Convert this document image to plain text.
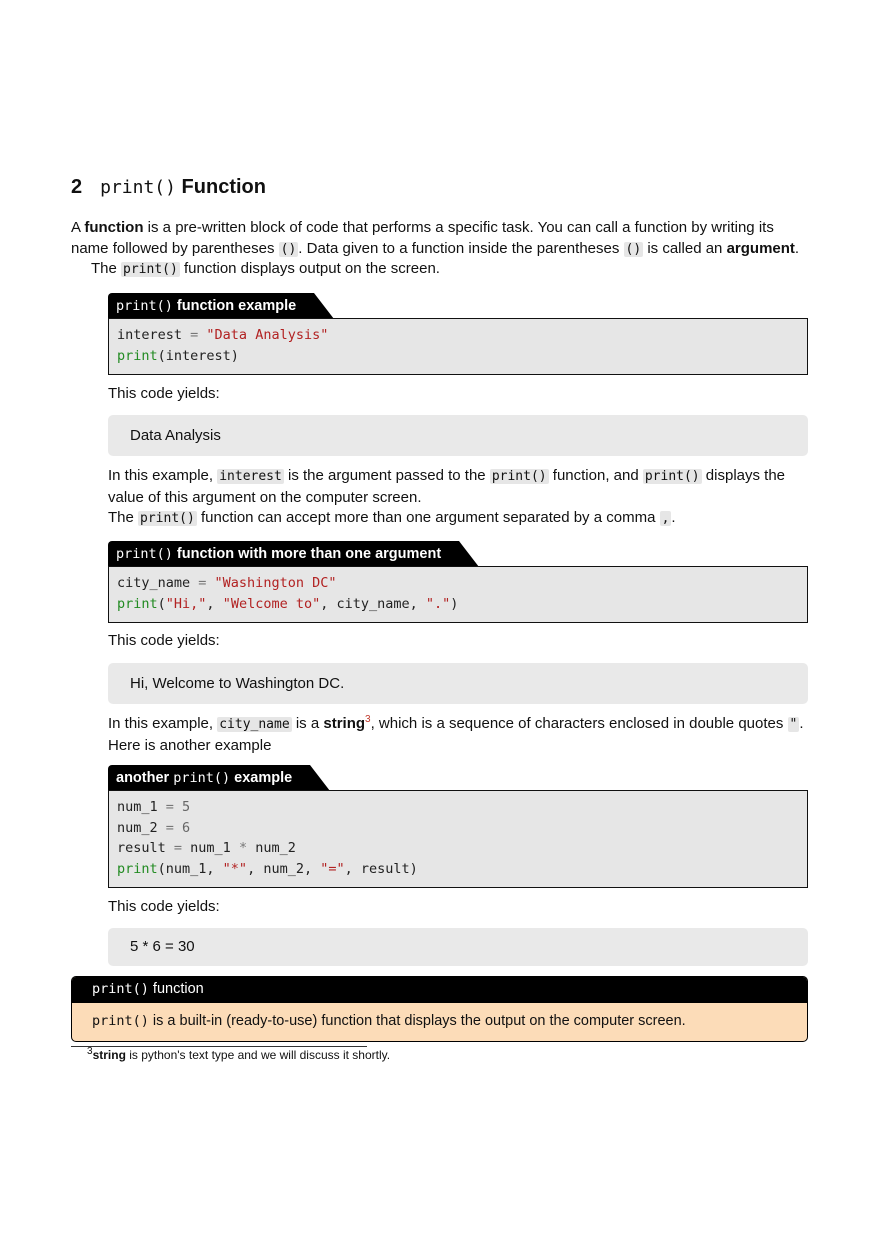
2 print() Function
A function is a pre-written block of code that performs a specific task. You can call a function by writing its name followed by parentheses () . Data given to a function inside the parentheses () is called an argument.
The print() function displays output on the screen.
print() function example
interest = "Data Analysis"
print(interest)
This code yields:
Data Analysis
In this example, interest is the argument passed to the print() function, and print() displays the value of this argument on the computer screen.
The print() function can accept more than one argument separated by a comma , .
print() function with more than one argument
city_name = "Washington DC"
print("Hi,", "Welcome to", city_name, ".")
This code yields:
Hi, Welcome to Washington DC.
In this example, city_name is a string$^3$, which is a sequence of characters enclosed in double quotes " .
Here is another example
another print() example
num_1 = 5
num_2 = 6
result = num_1 * num_2
print(num_1, "*", num_2, "=", result)
This code yields:
5 * 6 = 30
print() function
print() is a built-in (ready-to-use) function that displays the output on the computer screen.
$^3$string is python's text type and we will discuss it shortly.
